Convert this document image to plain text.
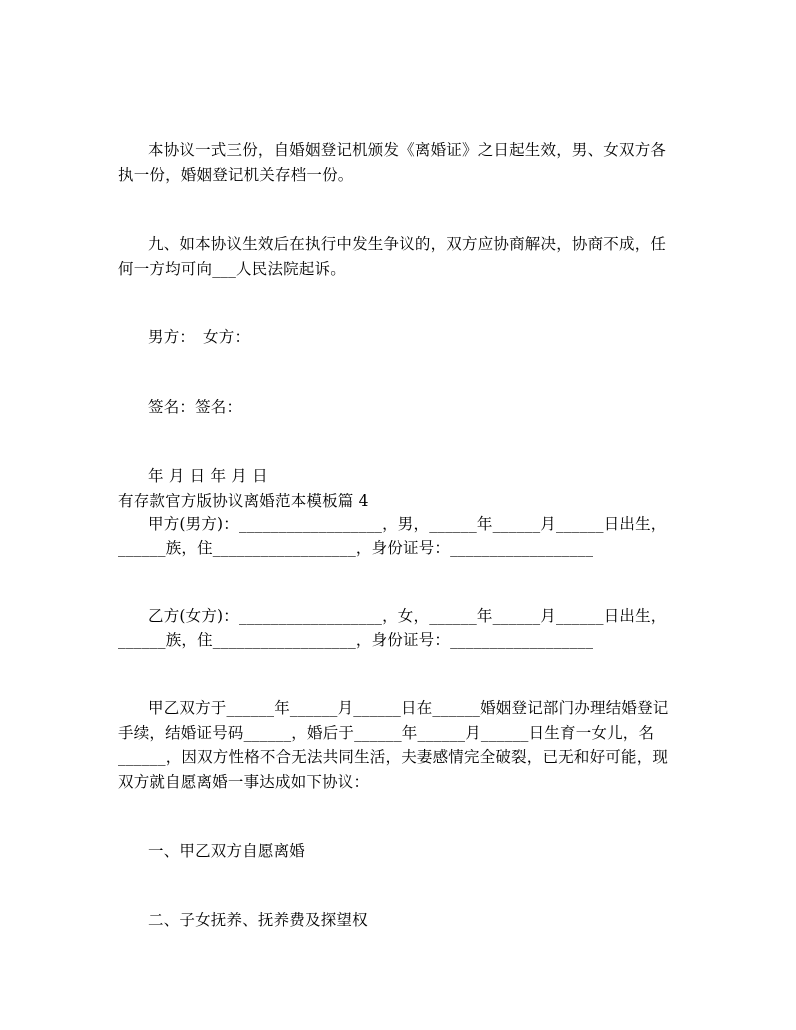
本协议一式三份，自婚姻登记机颁发《离婚证》之日起生效，男、女双方各
执一份，婚姻登记机关存档一份。
九、如本协议生效后在执行中发生争议的，双方应协商解决，协商不成，任
何一方均可向___人民法院起诉。
男方：　女方：
签名：签名：
年 月 日 年 月 日
有存款官方版协议离婚范本模板篇 4
甲方(男方)：__________________，男，______年______月______日出生，
______族，住__________________，身份证号：__________________
乙方(女方)：__________________，女，______年______月______日出生，
______族，住__________________，身份证号：__________________
甲乙双方于______年______月______日在______婚姻登记部门办理结婚登记
手续，结婚证号码______，婚后于______年______月______日生育一女儿，名
______，因双方性格不合无法共同生活，夫妻感情完全破裂，已无和好可能，现
双方就自愿离婚一事达成如下协议：
一、甲乙双方自愿离婚
二、子女抚养、抚养费及探望权
